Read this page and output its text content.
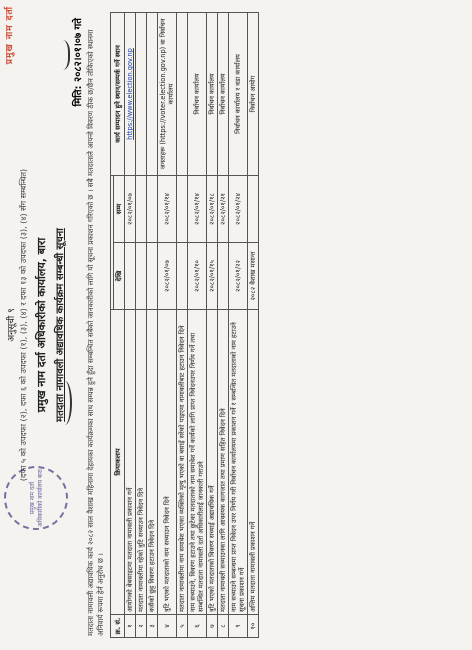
प्रमुख नाम दर्ता अधिकारीको कार्यालय बारा
प्रमुख नाम दर्ता
अनुसूची ९ (दफा ५ को उपदफा (२), दफा ६ को उपदफा (१), (३), (४) र दफा १३ को उपदफा (३), (४) सँग सम्बन्धित) प्रमुख नाम दर्ता अधिकारीको कार्यालय, बारा मतदाता नामावली अद्यावधिक कार्यक्रम सम्बन्धी सूचना
मिति: २०८२।०१।०७ गते मतदाता नामावली अद्यावधिक कार्य २०८२ साल वैशाख महिनामा देहायका कार्यक्रमका साथ सम्पन्न हुने हुँदा सम्बन्धित सबैको जानकारीको लागि यो सूचना प्रकाशन गरिएको छ । सबै मतदाताले आफ्नो विवरण ठीक छ/छैन तोकिएको स्थानमा अनिवार्य रूपमा हेर्न अनुरोध छ । क्र. सं.	क्रियाकलाप			कार्य सम्पादन हुने स्थान/सम्पर्क गर्ने स्थान
		देखि	सम्म	
१	आयोगको वेबसाइटमा मतदाता नामावली प्रकाशन गर्ने		२०८२/०१/०७	https://www.election.gov.np
२	मतदाता नामावलीमा रहेको त्रुटि सच्याउन निवेदन दिने			
३	कसैको छुट्ट विवरण हटाउन निवेदन दिने			
४	त्रुटि भएको मतदाताको नाम सच्याउन निवेदन दिने	२०८२/०१/०७	२०८२/०१/१४	जनताहरू (https://voter.election.gov.np) वा निर्वाचन कार्यालय
५	मतदाता नामावलीमा नाम समावेश भएका व्यक्तिको मृत्यु भएको वा बसाइँ सरेको पाइएमा नामावलीबाट हटाउन निवेदन दिने			
६	नाम सच्याउने, विवरण हटाउने तथा छुटेका मतदाताको नाम समावेश गर्ने कार्यको लागि प्राप्त निवेदनउपर निर्णय गर्ने तथा सम्बन्धित मतदाता नामावली दर्ता अधिकारीलाई जानकारी गराउने	२०८२/०१/१०	२०८२/०१/१४	निर्वाचन कार्यालय
७	त्रुटि भएको मतदाताको विवरण सच्याई अद्यावधिक गर्ने	२०८२/०१/१५	२०८२/०१/१८	निर्वाचन कार्यालय
८	मतदाता नामावली सच्याउनका लागि आवश्यक कागजात तथा प्रमाण सहित निवेदन दिने		२०८२/०१/२१	निर्वाचन कार्यालय
९	नाम सच्याउने सम्बन्धमा प्राप्त निवेदन उपर निर्णय गरी निर्वाचन कार्यालयमा प्रकाशन गर्ने र सम्बन्धित मतदाताको नाम हटाउने सूचना प्रकाशन गर्ने	२०८२/०१/२२	२०८२/०१/२४	निर्वाचन कार्यालय र वडा कार्यालय
१०	अन्तिम मतदाता नामावली प्रकाशन गर्ने	२०८२ वैशाख मसान्त		निर्वाचन आयोग
